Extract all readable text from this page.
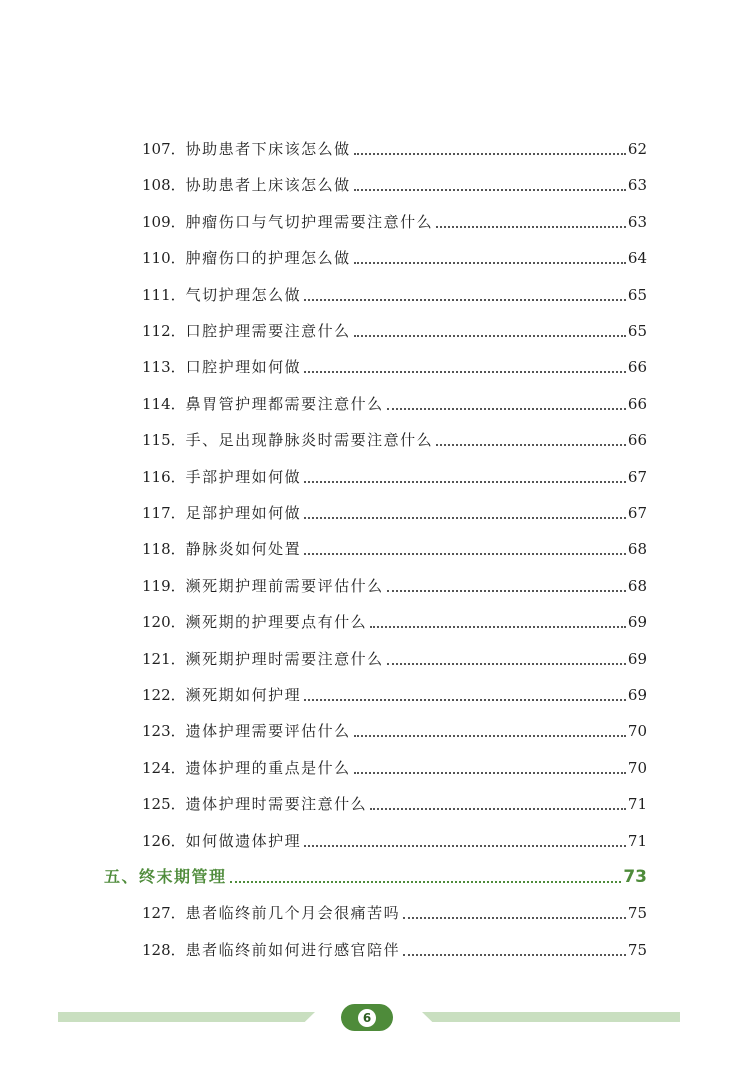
107． 协助患者下床该怎么做	62
108． 协助患者上床该怎么做	63
109． 肿瘤伤口与气切护理需要注意什么	63
110． 肿瘤伤口的护理怎么做	64
111． 气切护理怎么做	65
112． 口腔护理需要注意什么	65
113． 口腔护理如何做	66
114． 鼻胃管护理都需要注意什么	66
115． 手、足出现静脉炎时需要注意什么	66
116． 手部护理如何做	67
117． 足部护理如何做	67
118． 静脉炎如何处置	68
119． 濒死期护理前需要评估什么	68
120． 濒死期的护理要点有什么	69
121． 濒死期护理时需要注意什么	69
122． 濒死期如何护理	69
123． 遗体护理需要评估什么	70
124． 遗体护理的重点是什么	70
125． 遗体护理时需要注意什么	71
126． 如何做遗体护理	71
五、终末期管理	73
127． 患者临终前几个月会很痛苦吗	75
128． 患者临终前如何进行感官陪伴	75
6
